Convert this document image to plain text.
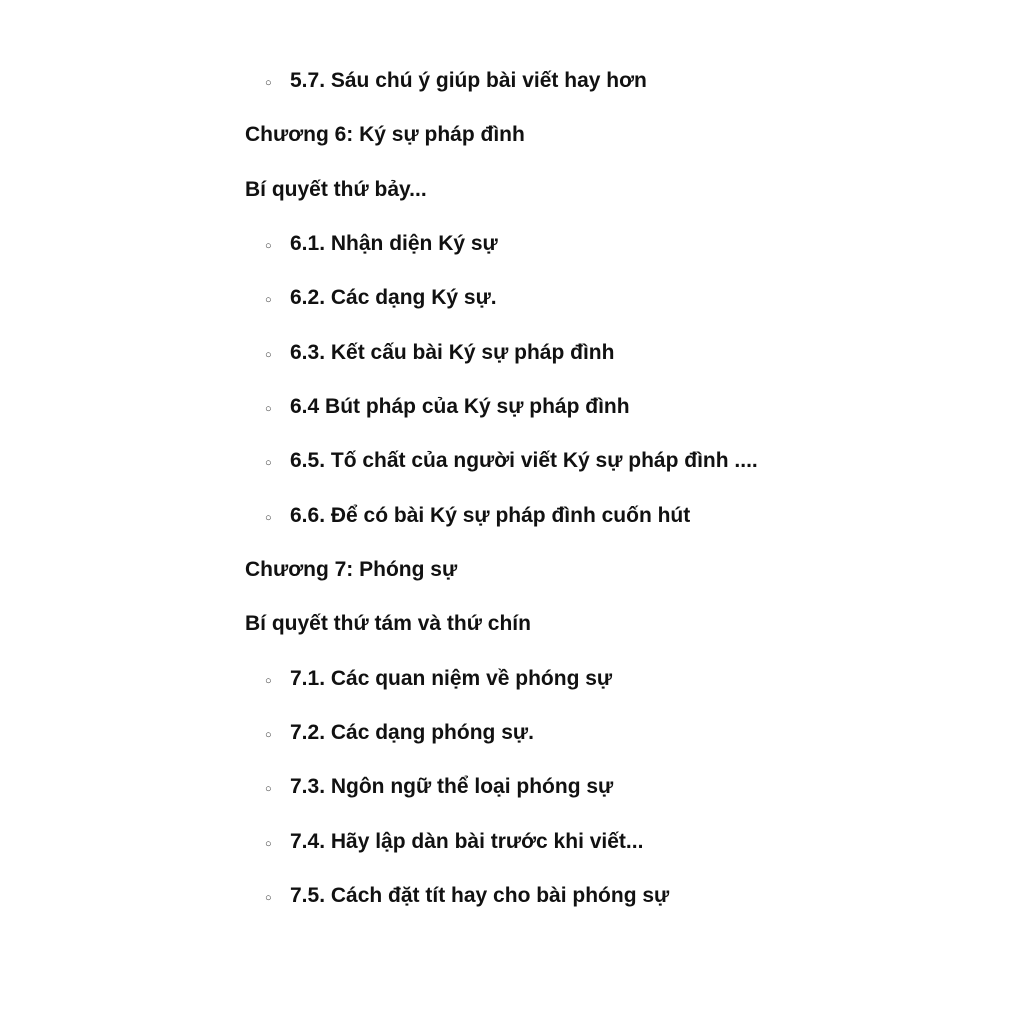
○ 5.7. Sáu chú ý giúp bài viết hay hơn
Chương 6: Ký sự pháp đình
Bí quyết thứ bảy...
○ 6.1. Nhận diện Ký sự
○ 6.2. Các dạng Ký sự.
○ 6.3. Kết cấu bài Ký sự pháp đình
○ 6.4 Bút pháp của Ký sự pháp đình
○ 6.5. Tố chất của người viết Ký sự pháp đình ....
○ 6.6. Để có bài Ký sự pháp đình cuốn hút
Chương 7: Phóng sự
Bí quyết thứ tám và thứ chín
○ 7.1. Các quan niệm về phóng sự
○ 7.2. Các dạng phóng sự.
○ 7.3. Ngôn ngữ thể loại phóng sự
○ 7.4. Hãy lập dàn bài trước khi viết...
○ 7.5. Cách đặt tít hay cho bài phóng sự
